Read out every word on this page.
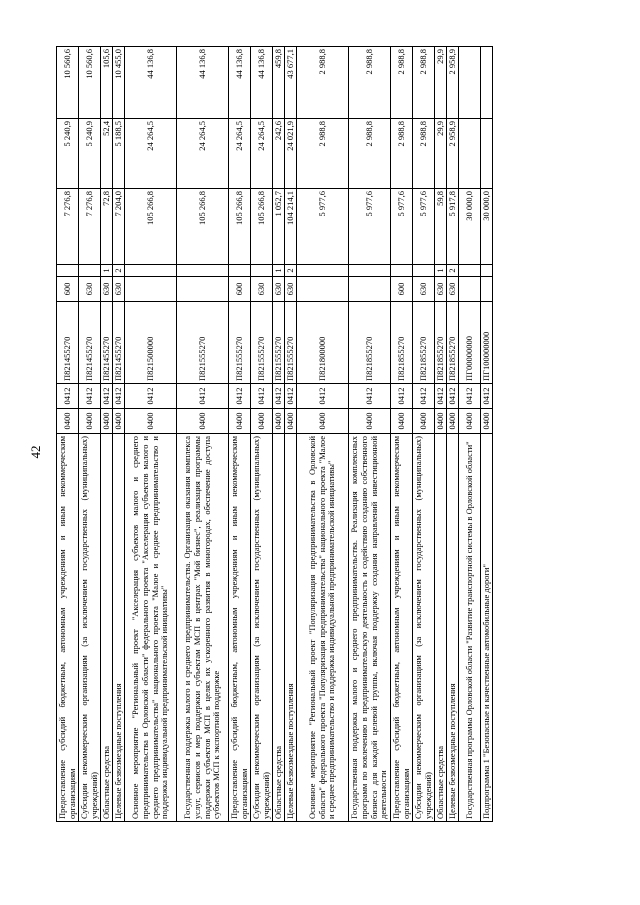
42	Предоставление субсидий бюджетным, автономным учреждениям и иным некоммерческим организациям	0400	0412	П821455270	600		7 276,8	5 240,9	10 560,6
Субсидии некоммерческим организациям (за исключением государственных (муниципальных) учреждений)	0400	0412	П821455270	630		7 276,8	5 240,9	10 560,6
Областные средства	0400	0412	П821455270	630	1	72,8	52,4	105,6
Целевые безвозмездные поступления	0400	0412	П821455270	630	2	7 204,0	5 188,5	10 455,0
Основное мероприятие "Региональный проект "Акселерация субъектов малого и среднего предпринимательства в Орловской области" федерального проекта "Акселерация субъектов малого и среднего предпринимательства" национального проекта "Малое и среднее предпринимательство и поддержка индивидуальной предпринимательской инициативы"	0400	0412	П821500000			105 266,8	24 264,5	44 136,8
Государственная поддержка малого и среднего предпринимательства. Организация оказания комплекса услуг, сервисов и мер поддержки субъектам МСП в центрах "Мой бизнес", реализация программы поддержки субъектов МСП в целях их ускоренного развития в моногородах, обеспечение доступа субъектов МСП к экспортной поддержке	0400	0412	П821555270			105 266,8	24 264,5	44 136,8
Предоставление субсидий бюджетным, автономным учреждениям и иным некоммерческим организациям	0400	0412	П821555270	600		105 266,8	24 264,5	44 136,8
Субсидии некоммерческим организациям (за исключением государственных (муниципальных) учреждений)	0400	0412	П821555270	630		105 266,8	24 264,5	44 136,8
Областные средства	0400	0412	П821555270	630	1	1 052,7	242,6	459,8
Целевые безвозмездные поступления	0400	0412	П821555270	630	2	104 214,1	24 021,9	43 677,1
Основное мероприятие "Региональный проект "Популяризация предпринимательства в Орловской области" федерального проекта "Популяризация предпринимательства" национального проекта "Малое и среднее предпринимательство и поддержка индивидуальной предпринимательской инициативы"	0400	0412	П821800000			5 977,6	2 988,8	2 988,8
Государственная поддержка малого и среднего предпринимательства. Реализация комплексных программ по вовлечению в предпринимательскую деятельность и содействию созданию собственного бизнеса для каждой целевой группы, включая поддержку создания направлений инвестиционной деятельности	0400	0412	П821855270			5 977,6	2 988,8	2 988,8
Предоставление субсидий бюджетным, автономным учреждениям и иным некоммерческим организациям	0400	0412	П821855270	600		5 977,6	2 988,8	2 988,8
Субсидии некоммерческим организациям (за исключением государственных (муниципальных) учреждений)	0400	0412	П821855270	630		5 977,6	2 988,8	2 988,8
Областные средства	0400	0412	П821855270	630	1	59,8	29,9	29,9
Целевые безвозмездные поступления	0400	0412	П821855270	630	2	5 917,8	2 958,9	2 958,9
Государственная программа Орловской области "Развитие транспортной системы в Орловской области"	0400	0412	ПГ00000000			30 000,0		
Подпрограмма 1 "Безопасные и качественные автомобильные дороги"	0400	0412	ПГ100000000			30 000,0		
